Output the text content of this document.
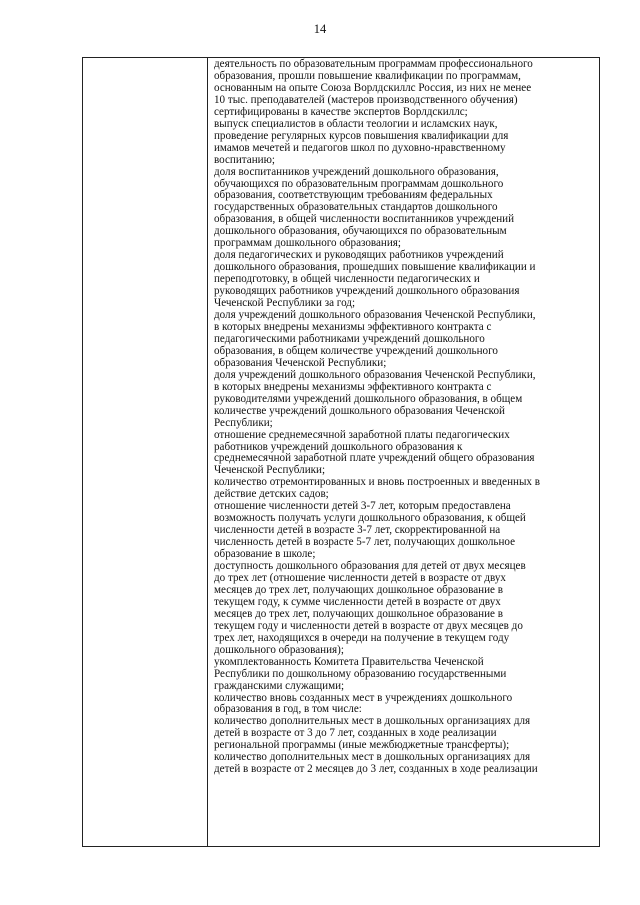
14
деятельность по образовательным программам профессионального
образования, прошли повышение квалификации по программам,
основанным на опыте Союза Ворлдскиллс Россия, из них не менее
10 тыс. преподавателей (мастеров производственного обучения)
сертифицированы в качестве экспертов Ворлдскиллс;
выпуск специалистов в области теологии и исламских наук,
проведение регулярных курсов повышения квалификации для
имамов мечетей и педагогов школ по духовно-нравственному
воспитанию;
доля воспитанников учреждений дошкольного образования,
обучающихся по образовательным программам дошкольного
образования, соответствующим требованиям федеральных
государственных образовательных стандартов дошкольного
образования, в общей численности воспитанников учреждений
дошкольного образования, обучающихся по образовательным
программам дошкольного образования;
доля педагогических и руководящих работников учреждений
дошкольного образования, прошедших повышение квалификации и
переподготовку, в общей численности педагогических и
руководящих работников учреждений дошкольного образования
Чеченской Республики за год;
доля учреждений дошкольного образования Чеченской Республики,
в которых внедрены механизмы эффективного контракта с
педагогическими работниками учреждений дошкольного
образования, в общем количестве учреждений дошкольного
образования Чеченской Республики;
доля учреждений дошкольного образования Чеченской Республики,
в которых внедрены механизмы эффективного контракта с
руководителями учреждений дошкольного образования, в общем
количестве учреждений дошкольного образования Чеченской
Республики;
отношение среднемесячной заработной платы педагогических
работников учреждений дошкольного образования к
среднемесячной заработной плате учреждений общего образования
Чеченской Республики;
количество отремонтированных и вновь построенных и введенных в
действие детских садов;
отношение численности детей 3-7 лет, которым предоставлена
возможность получать услуги дошкольного образования, к общей
численности детей в возрасте 3-7 лет, скорректированной на
численность детей в возрасте 5-7 лет, получающих дошкольное
образование в школе;
доступность дошкольного образования для детей от двух месяцев
до трех лет (отношение численности детей в возрасте от двух
месяцев до трех лет, получающих дошкольное образование в
текущем году, к сумме численности детей в возрасте от двух
месяцев до трех лет, получающих дошкольное образование в
текущем году и численности детей в возрасте от двух месяцев до
трех лет, находящихся в очереди на получение в текущем году
дошкольного образования);
укомплектованность Комитета Правительства Чеченской
Республики по дошкольному образованию государственными
гражданскими служащими;
количество вновь созданных мест в учреждениях дошкольного
образования в год, в том числе:
количество дополнительных мест в дошкольных организациях для
детей в возрасте от 3 до 7 лет, созданных в ходе реализации
региональной программы (иные межбюджетные трансферты);
количество дополнительных мест в дошкольных организациях для
детей в возрасте от 2 месяцев до 3 лет, созданных в ходе реализации
